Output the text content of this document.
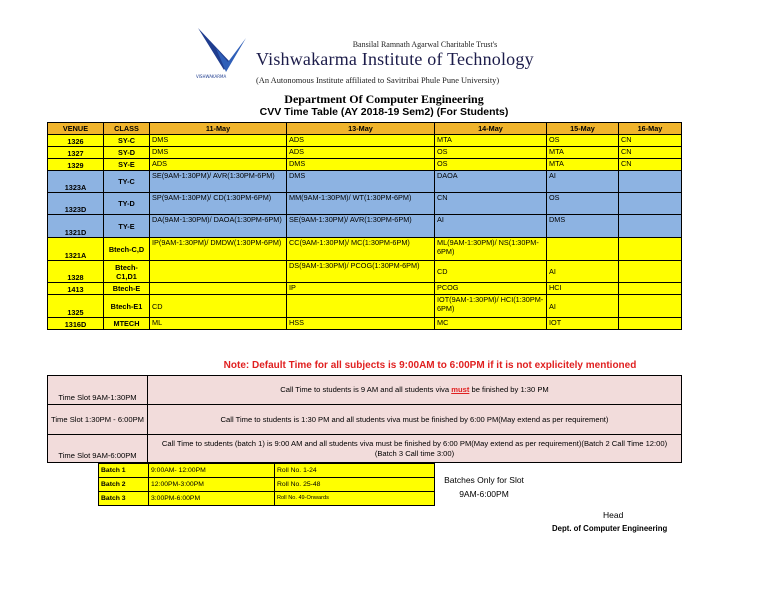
VISHWAKARMA
Bansilal Ramnath Agarwal Charitable Trust's
Vishwakarma Institute of Technology
(An Autonomous Institute affiliated to Savitribai Phule Pune University)
Department Of Computer Engineering
CVV Time Table (AY 2018-19 Sem2) (For Students)
VENUE	CLASS	11-May	13-May	14-May	15-May	16-May
1326	SY-C	DMS	ADS	MTA	OS	CN
1327	SY-D	DMS	ADS	OS	MTA	CN
1329	SY-E	ADS	DMS	OS	MTA	CN
1323A	TY-C	SE(9AM-1:30PM)/ AVR(1:30PM-6PM)	DMS	DAOA	AI	
1323D	TY-D	SP(9AM-1:30PM)/ CD(1:30PM-6PM)	MM(9AM-1:30PM)/ WT(1:30PM-6PM)	CN	OS	
1321D	TY-E	DA(9AM-1:30PM)/ DAOA(1:30PM-6PM)	SE(9AM-1:30PM)/ AVR(1:30PM-6PM)	AI	DMS	
1321A	Btech-C,D	IP(9AM-1:30PM)/ DMDW(1:30PM-6PM)	CC(9AM-1:30PM)/ MC(1:30PM-6PM)	ML(9AM-1:30PM)/ NS(1:30PM-6PM)		
1328	Btech-C1,D1		DS(9AM-1:30PM)/ PCOG(1:30PM-6PM)	CD	AI	
1413	Btech-E		IP	PCOG	HCI	
1325	Btech-E1	CD		IOT(9AM-1:30PM)/ HCI(1:30PM-6PM)	AI	
1316D	MTECH	ML	HSS	MC	IOT	
Note: Default Time for all subjects is 9:00AM to 6:00PM if it is not explicitely mentioned
Time Slot 9AM-1:30PM	Call Time to students is 9 AM and all students viva must be finished by 1:30 PM
Time Slot 1:30PM - 6:00PM	Call Time to students is 1:30 PM and all students viva must be finished by 6:00 PM(May extend as per requirement)
Time Slot 9AM-6:00PM	Call Time to students (batch 1) is 9:00 AM and all students viva must be finished by 6:00 PM(May extend as per requirement)(Batch 2 Call Time 12:00)(Batch 3 Call time 3:00)
Batch 1	9:00AM- 12:00PM	Roll No. 1-24
Batch 2	12:00PM-3:00PM	Roll No. 25-48
Batch 3	3:00PM-6:00PM	Roll No. 49-Onwards
Batches Only for Slot 9AM-6:00PM
Head
Dept. of Computer Engineering
